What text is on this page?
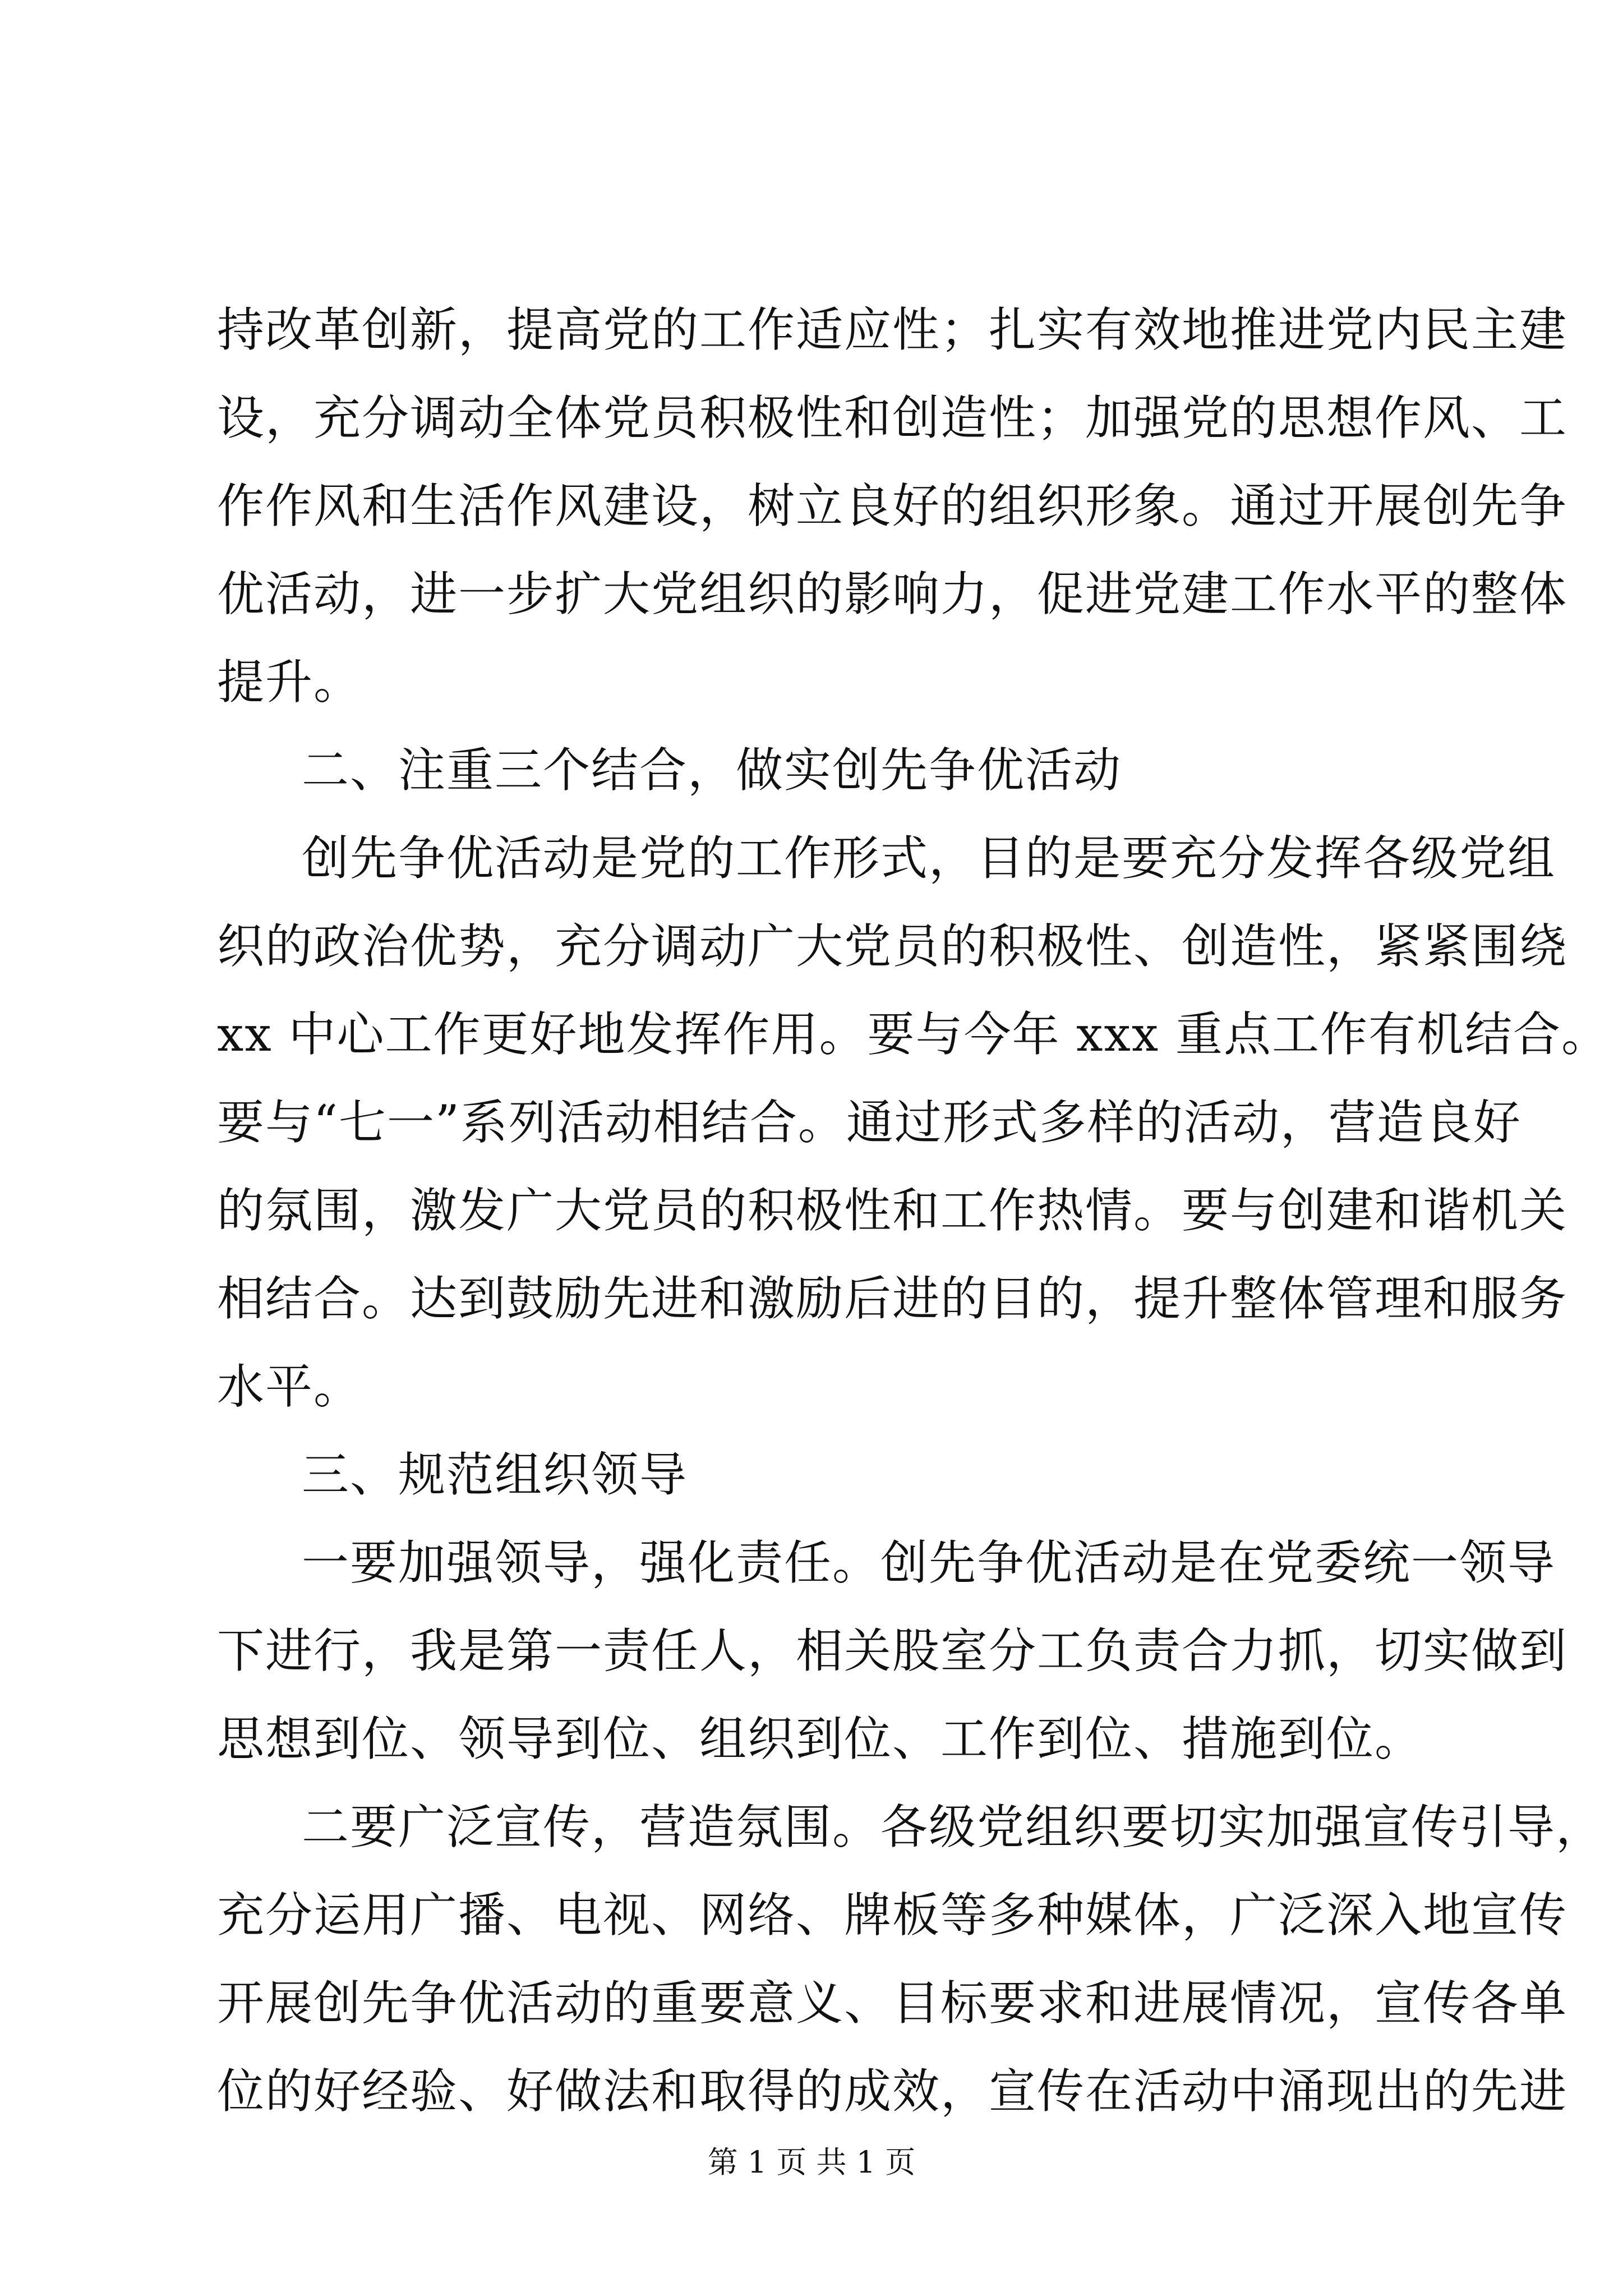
持改革创新，提高党的工作适应性；扎实有效地推进党内民主建
设，充分调动全体党员积极性和创造性；加强党的思想作风、工
作作风和生活作风建设，树立良好的组织形象。通过开展创先争
优活动，进一步扩大党组织的影响力，促进党建工作水平的整体
提升。
二、注重三个结合，做实创先争优活动
创先争优活动是党的工作形式，目的是要充分发挥各级党组
织的政治优势，充分调动广大党员的积极性、创造性，紧紧围绕
xx 中心工作更好地发挥作用。要与今年 xxx 重点工作有机结合。
要与“七一”系列活动相结合。通过形式多样的活动，营造良好
的氛围，激发广大党员的积极性和工作热情。要与创建和谐机关
相结合。达到鼓励先进和激励后进的目的，提升整体管理和服务
水平。
三、规范组织领导
一要加强领导，强化责任。创先争优活动是在党委统一领导
下进行，我是第一责任人，相关股室分工负责合力抓，切实做到
思想到位、领导到位、组织到位、工作到位、措施到位。
二要广泛宣传，营造氛围。各级党组织要切实加强宣传引导，
充分运用广播、电视、网络、牌板等多种媒体，广泛深入地宣传
开展创先争优活动的重要意义、目标要求和进展情况，宣传各单
位的好经验、好做法和取得的成效，宣传在活动中涌现出的先进
第 1 页 共 1 页
